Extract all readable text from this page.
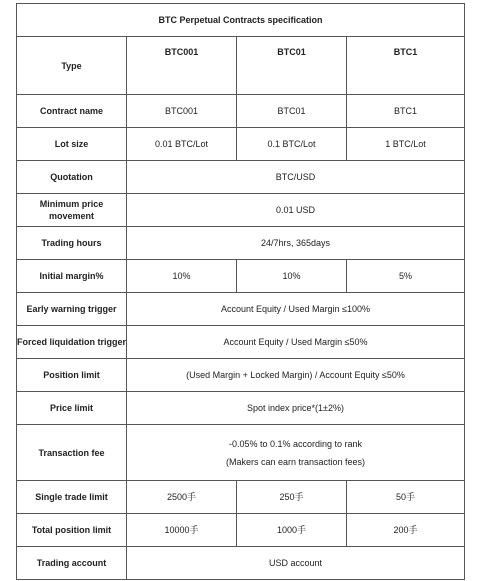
BTC Perpetual Contracts specification			
Type	BTC001	BTC01	BTC1
Contract name	BTC001	BTC01	BTC1
Lot size	0.01 BTC/Lot	0.1 BTC/Lot	1 BTC/Lot
Quotation	BTC/USD		
Minimum price movement	0.01 USD		
Trading hours	24/7hrs, 365days		
Initial margin%	10%	10%	5%
Early warning trigger	Account Equity / Used Margin ≤100%		
Forced liquidation trigger	Account Equity / Used Margin ≤50%		
Position limit	(Used Margin + Locked Margin) / Account Equity ≤50%		
Price limit	Spot index price*(1±2%)		
Transaction fee	-0.05% to 0.1% according to rank
(Makers can earn transaction fees)		

Single trade limit	2500手	250手	50手
Total position limit	10000手	1000手	200手
Trading account	USD account		
